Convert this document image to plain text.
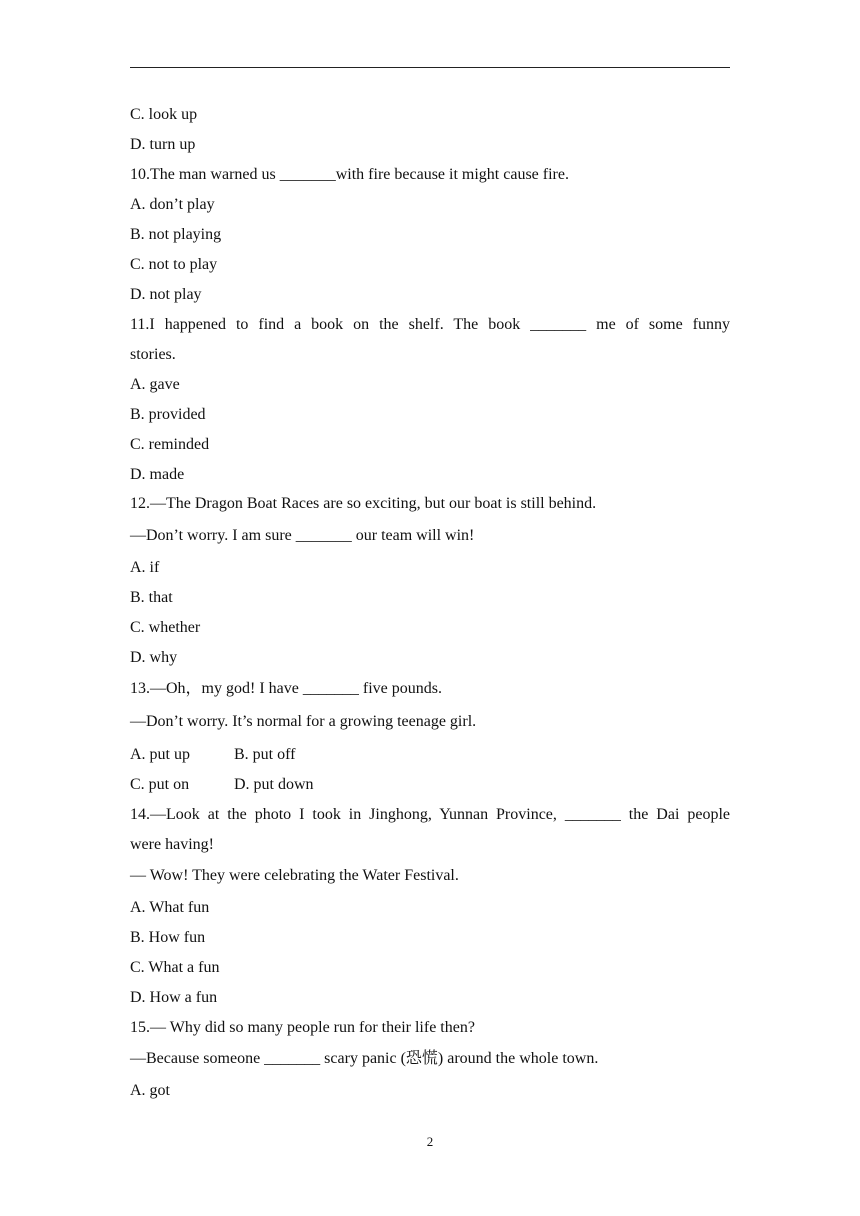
C. look up
D. turn up
10.The man warned us _______with fire because it might cause fire.
A. don’t play
B. not playing
C. not to play
D. not play
11.I happened to find a book on the shelf. The book _______ me of some funny
stories.
A. gave
B. provided
C. reminded
D. made
12.—The Dragon Boat Races are so exciting, but our boat is still behind.
—Don’t worry. I am sure _______ our team will win!
A. if
B. that
C. whether
D. why
13.—Oh，my god! I have _______ five pounds.
—Don’t worry. It’s normal for a growing teenage girl.
A. put up	B. put off
C. put on	D. put down
14.—Look at the photo I took in Jinghong, Yunnan Province, _______ the Dai people
were having!
— Wow! They were celebrating the Water Festival.
A. What fun
B. How fun
C. What a fun
D. How a fun
15.— Why did so many people run for their life then?
—Because someone _______ scary panic (恐慌) around the whole town.
A. got
2
